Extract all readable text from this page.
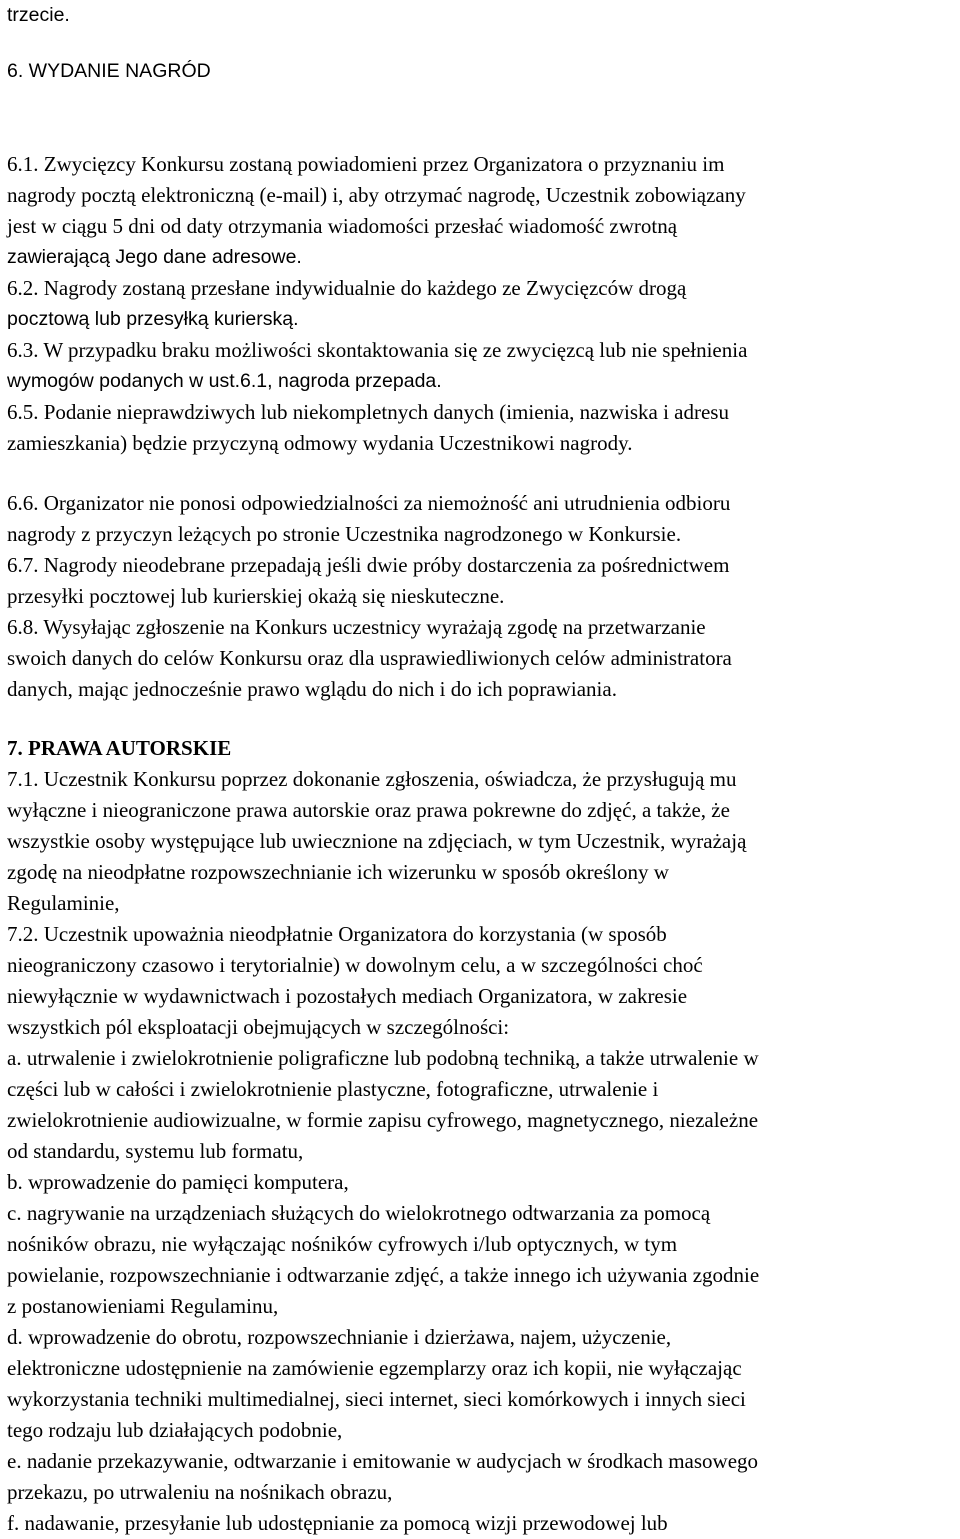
trzecie.
6. WYDANIE NAGRÓD
6.1. Zwycięzcy Konkursu zostaną powiadomieni przez Organizatora o przyznaniu im
nagrody pocztą elektroniczną (e-mail) i, aby otrzymać nagrodę, Uczestnik zobowiązany
jest w ciągu 5 dni od daty otrzymania wiadomości przesłać wiadomość zwrotną
zawierającą Jego dane adresowe.
6.2. Nagrody zostaną przesłane indywidualnie do każdego ze Zwycięzców drogą
pocztową lub przesyłką kurierską.
6.3. W przypadku braku możliwości skontaktowania się ze zwycięzcą lub nie spełnienia
wymogów podanych w ust.6.1, nagroda przepada.
6.5. Podanie nieprawdziwych lub niekompletnych danych (imienia, nazwiska i adresu
zamieszkania) będzie przyczyną odmowy wydania Uczestnikowi nagrody.
6.6. Organizator nie ponosi odpowiedzialności za niemożność ani utrudnienia odbioru
nagrody z przyczyn leżących po stronie Uczestnika nagrodzonego w Konkursie.
6.7. Nagrody nieodebrane przepadają jeśli dwie próby dostarczenia za pośrednictwem
przesyłki pocztowej lub kurierskiej okażą się nieskuteczne.
6.8. Wysyłając zgłoszenie na Konkurs uczestnicy wyrażają zgodę na przetwarzanie
swoich danych do celów Konkursu oraz dla usprawiedliwionych celów administratora
danych, mając jednocześnie prawo wglądu do nich i do ich poprawiania.
7. PRAWA AUTORSKIE
7.1. Uczestnik Konkursu poprzez dokonanie zgłoszenia, oświadcza, że przysługują mu
wyłączne i nieograniczone prawa autorskie oraz prawa pokrewne do zdjęć, a także, że
wszystkie osoby występujące lub uwiecznione na zdjęciach, w tym Uczestnik, wyrażają
zgodę na nieodpłatne rozpowszechnianie ich wizerunku w sposób określony w
Regulaminie,
7.2. Uczestnik upoważnia nieodpłatnie Organizatora do korzystania (w sposób
nieograniczony czasowo i terytorialnie) w dowolnym celu, a w szczególności choć
niewyłącznie w wydawnictwach i pozostałych mediach Organizatora, w zakresie
wszystkich pól eksploatacji obejmujących w szczególności:
a. utrwalenie i zwielokrotnienie poligraficzne lub podobną techniką, a także utrwalenie w
części lub w całości i zwielokrotnienie plastyczne, fotograficzne, utrwalenie i
zwielokrotnienie audiowizualne, w formie zapisu cyfrowego, magnetycznego, niezależne
od standardu, systemu lub formatu,
b. wprowadzenie do pamięci komputera,
c. nagrywanie na urządzeniach służących do wielokrotnego odtwarzania za pomocą
nośników obrazu, nie wyłączając nośników cyfrowych i/lub optycznych, w tym
powielanie, rozpowszechnianie i odtwarzanie zdjęć, a także innego ich używania zgodnie
z postanowieniami Regulaminu,
d. wprowadzenie do obrotu, rozpowszechnianie i dzierżawa, najem, użyczenie,
elektroniczne udostępnienie na zamówienie egzemplarzy oraz ich kopii, nie wyłączając
wykorzystania techniki multimedialnej, sieci internet, sieci komórkowych i innych sieci
tego rodzaju lub działających podobnie,
e. nadanie przekazywanie, odtwarzanie i emitowanie w audycjach w środkach masowego
przekazu, po utrwaleniu na nośnikach obrazu,
f. nadawanie, przesyłanie lub udostępnianie za pomocą wizji przewodowej lub
